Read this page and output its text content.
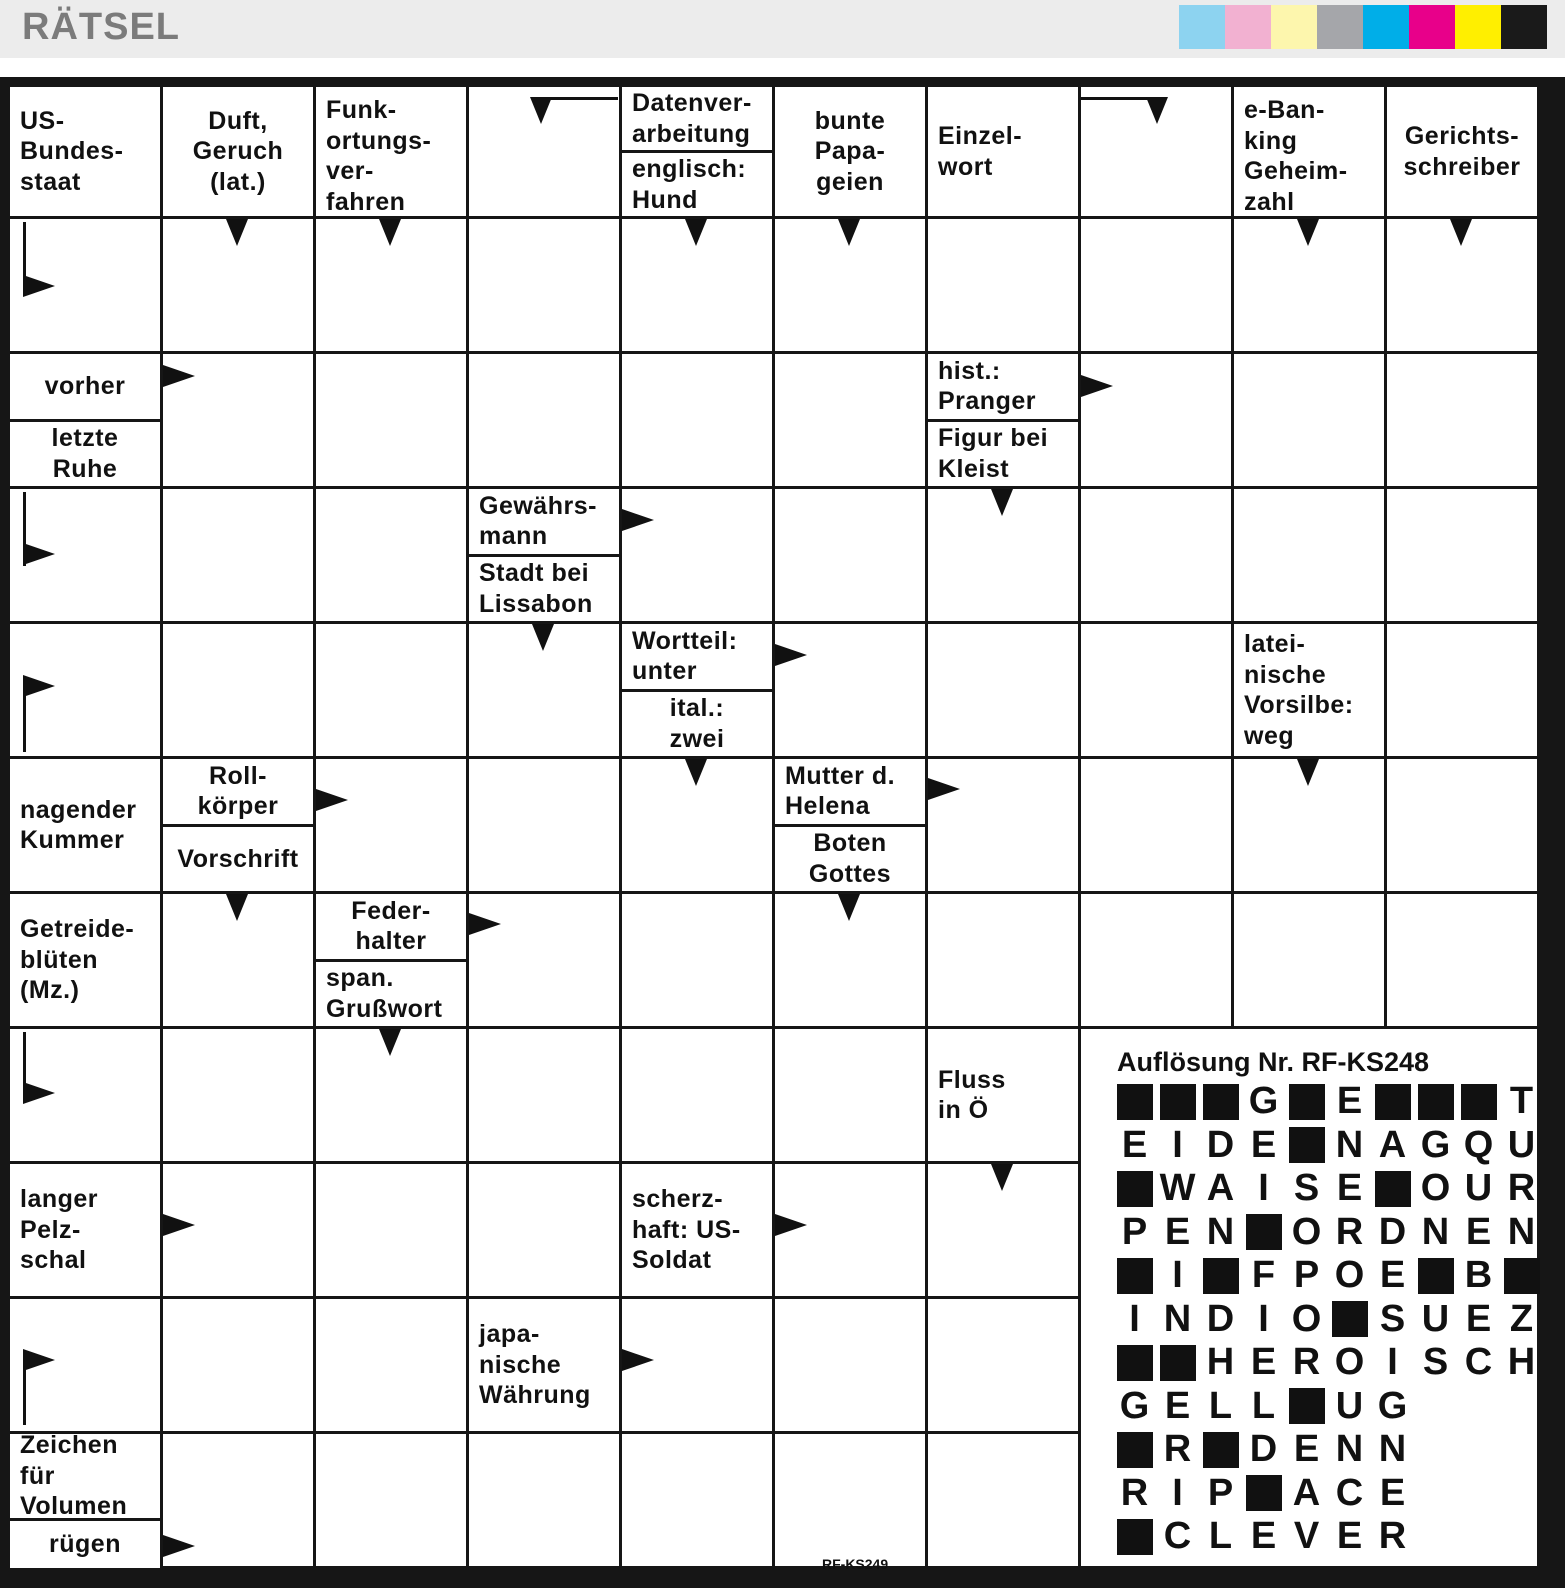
RÄTSEL
US-
Bundes-
staat
Duft,
Geruch
(lat.)
Funk-
ortungs-
ver-
fahren
Datenver-
arbeitung
englisch:
Hund
bunte
Papa-
geien
Einzel-
wort
e-Ban-
king
Geheim-
zahl
Gerichts-
schreiber
vorher
letzte
Ruhe
hist.:
Pranger
Figur bei
Kleist
Gewährs-
mann
Stadt bei
Lissabon
Wortteil:
unter
ital.:
zwei
latei-
nische
Vorsilbe:
weg
nagender
Kummer
Roll-
körper
Vorschrift
Mutter d.
Helena
Boten
Gottes
Getreide-
blüten
(Mz.)
Feder-
halter
span.
Grußwort
Fluss
in Ö
langer
Pelz-
schal
scherz-
haft: US-
Soldat
japa-
nische
Währung
Zeichen
für
Volumen
rügen
Auflösung Nr. RF-KS248
G E	T
E I D E N A G Q U
W A I S E O U R
P E N O R D N E N
I	F P O E B
I N D I O S U E Z
H E R O I S C H
G E L L U G
R D E N N
R I P A C E
C L E V E R
RF-KS249
